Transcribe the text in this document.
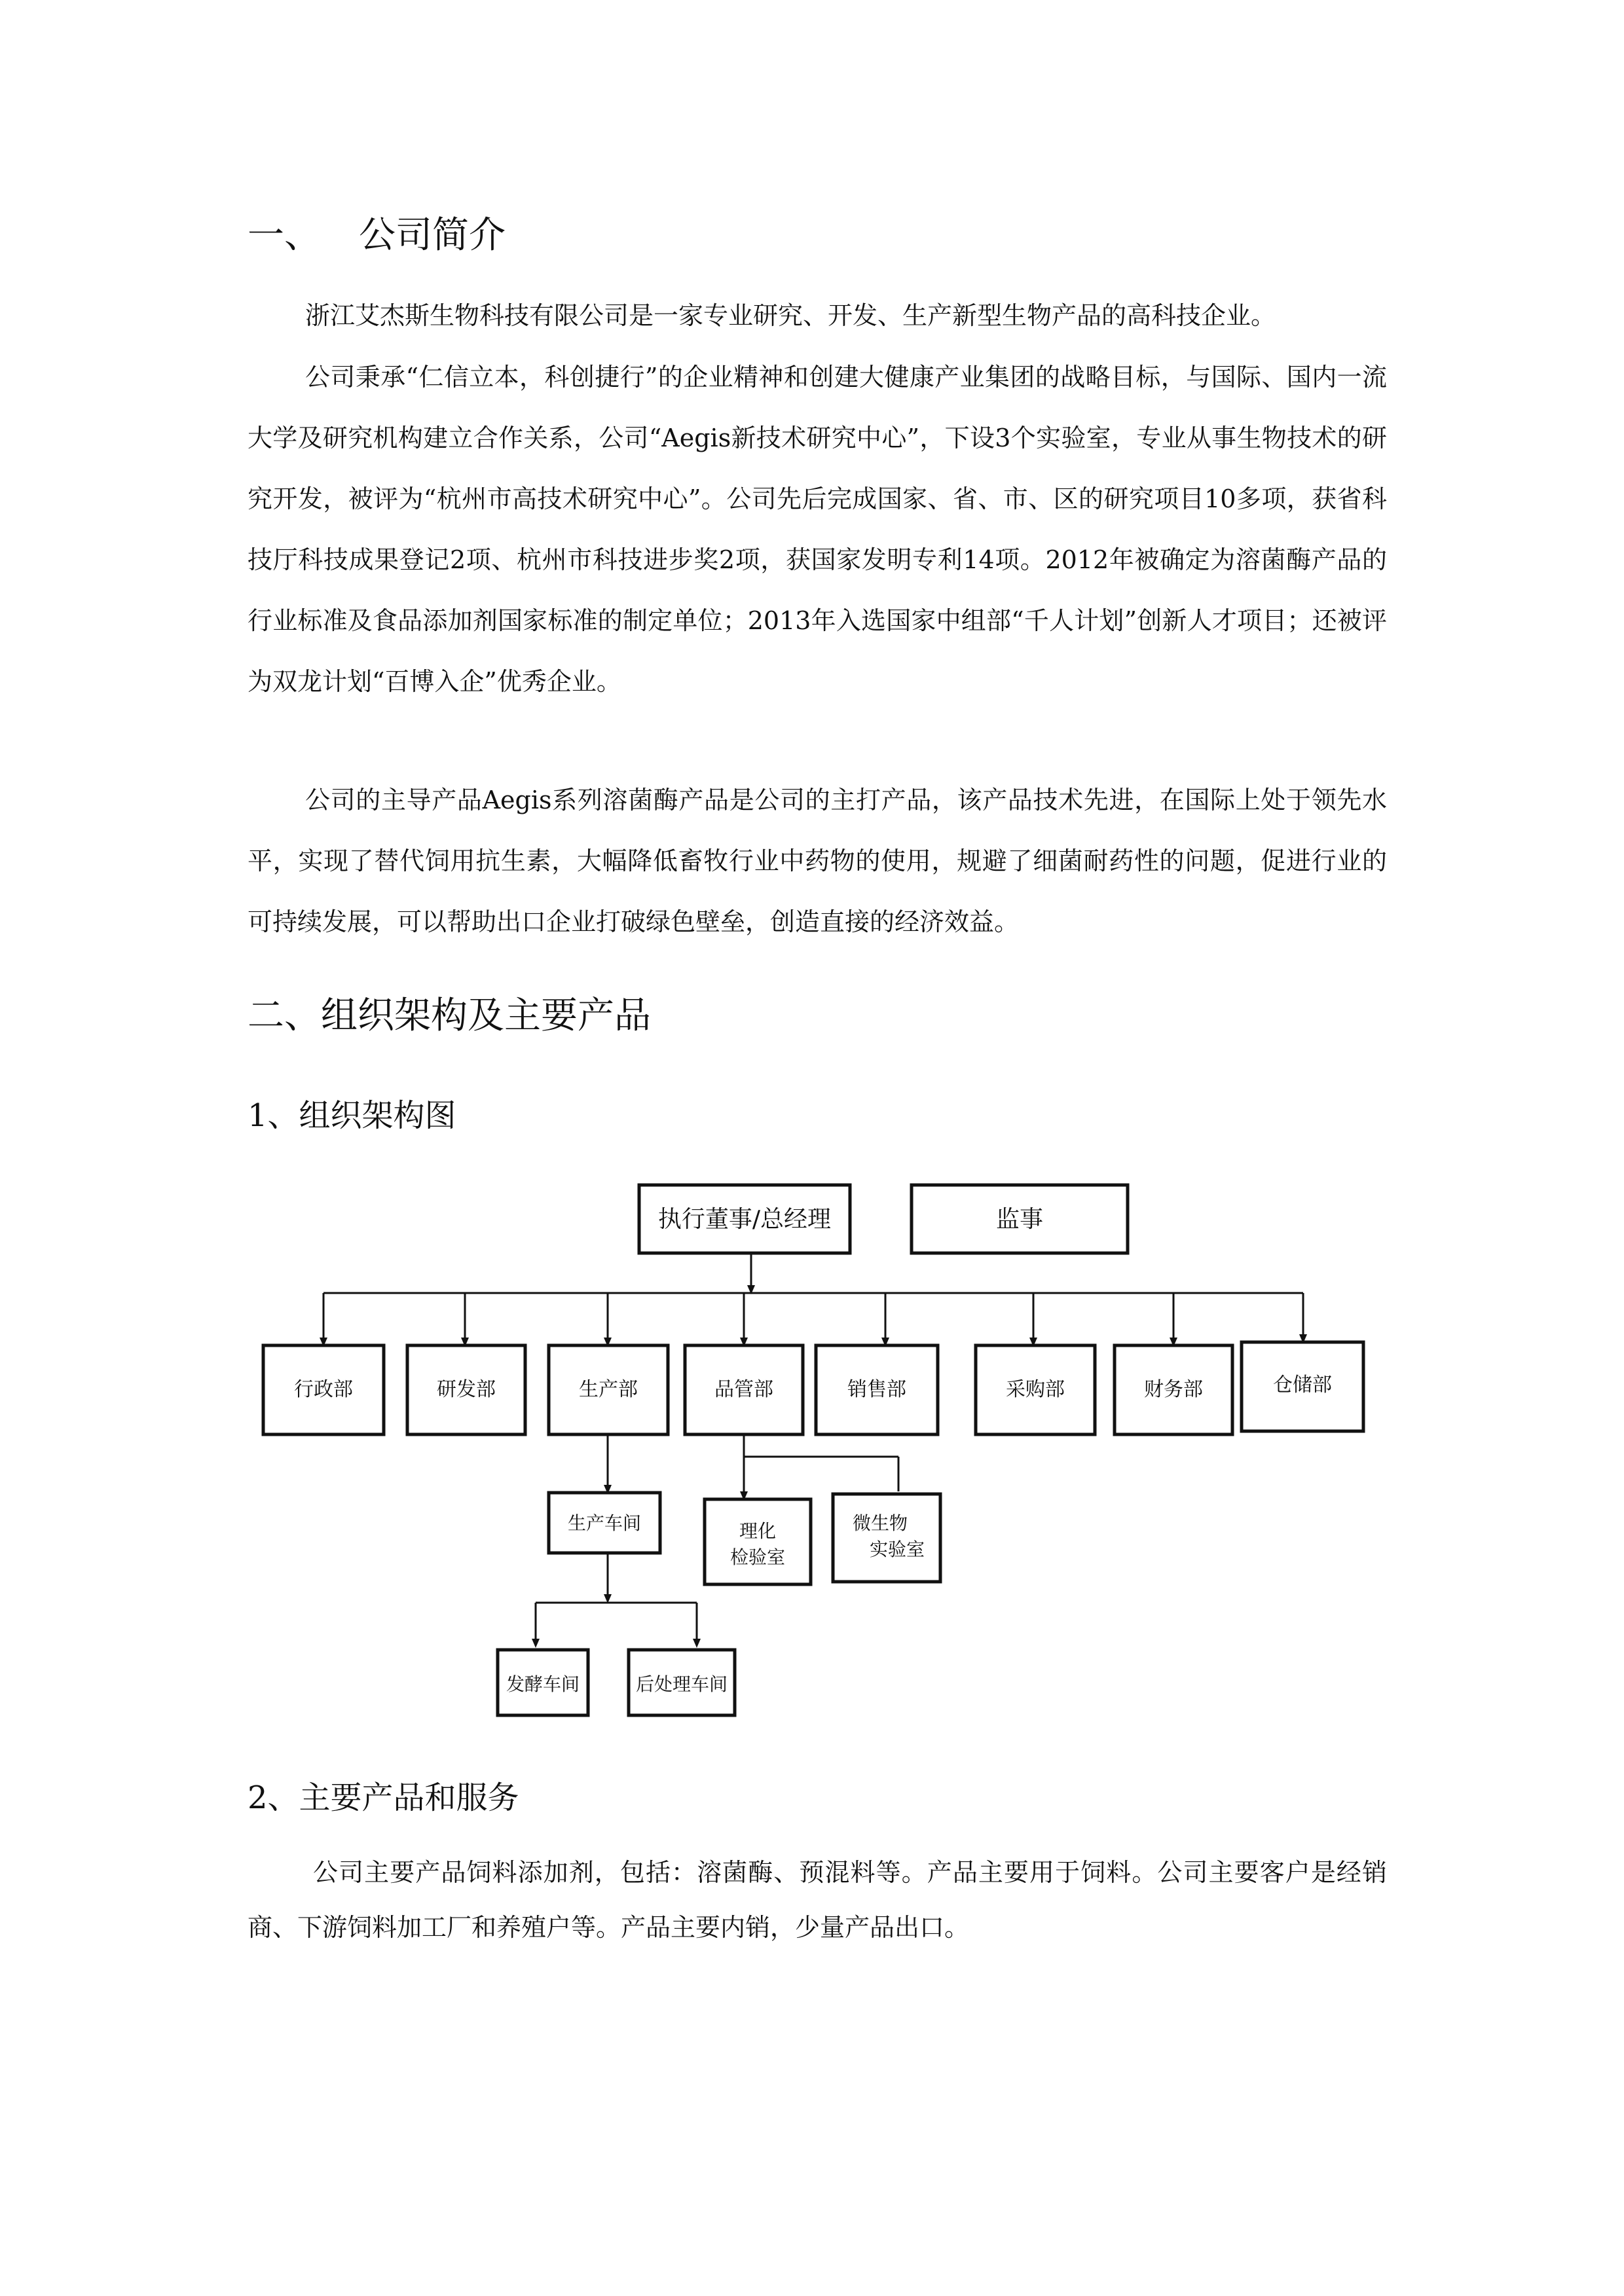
一、 公司简介

浙江艾杰斯生物科技有限公司是一家专业研究、开发、生产新型生物产品的高科技企业。

公司秉承“仁信立本，科创捷行”的企业精神和创建大健康产业集团的战略目标，与国际、国内一流大学及研究机构建立合作关系，公司“Aegis新技术研究中心”，下设3个实验室，专业从事生物技术的研究开发，被评为“杭州市高技术研究中心”。公司先后完成国家、省、市、区的研究项目10多项，获省科技厅科技成果登记2项、杭州市科技进步奖2项，获国家发明专利14项。2012年被确定为溶菌酶产品的行业标准及食品添加剂国家标准的制定单位；2013年入选国家中组部“千人计划”创新人才项目；还被评为双龙计划“百博入企”优秀企业。

公司的主导产品Aegis系列溶菌酶产品是公司的主打产品，该产品技术先进，在国际上处于领先水平，实现了替代饲用抗生素，大幅降低畜牧行业中药物的使用，规避了细菌耐药性的问题，促进行业的可持续发展，可以帮助出口企业打破绿色壁垒，创造直接的经济效益。

二、组织架构及主要产品
1、组织架构图
执行董事/总经理	监事
行政部	研发部	生产部	品管部	销售部	采购部	财务部	仓储部
生产车间	理化
检验室
微生物
实验室
发酵车间	后处理车间
2、主要产品和服务

公司主要产品饲料添加剂，包括：溶菌酶、预混料等。产品主要用于饲料。公司主要客户是经销商、下游饲料加工厂和养殖户等。产品主要内销，少量产品出口。
